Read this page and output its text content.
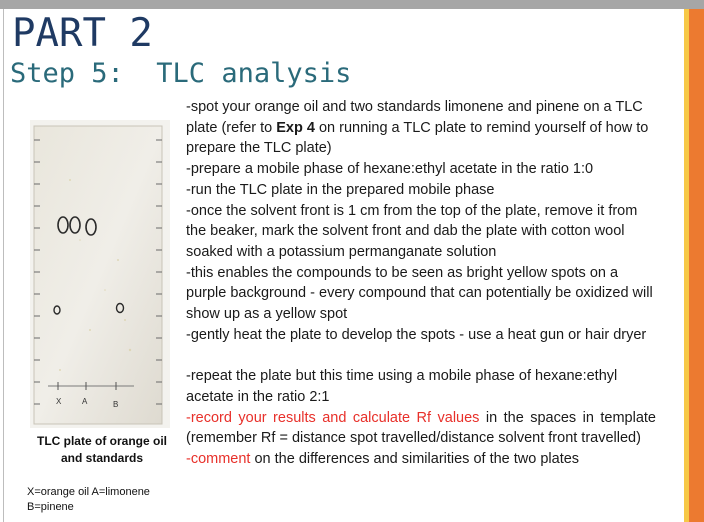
PART 2
Step 5:  TLC analysis
X	A	B
TLC plate of orange oil
and standards
X=orange oil A=limonene
B=pinene

-spot your orange oil and two standards limonene and pinene on a TLC plate (refer to Exp 4 on running a TLC plate to remind yourself of how to prepare the TLC plate)

-prepare a mobile phase of hexane:ethyl acetate in the ratio 1:0

-run the TLC plate in the prepared mobile phase

-once the solvent front is 1 cm from the top of the plate, remove it from the beaker, mark the solvent front and dab the plate with cotton wool soaked with a potassium permanganate solution

-this enables the compounds to be seen as bright yellow spots on a purple background - every compound that can potentially be oxidized will show up as a yellow spot

-gently heat the plate to develop the spots - use a heat gun or hair dryer

-repeat the plate but this time using a mobile phase of hexane:ethyl acetate in the ratio 2:1

-record your results and calculate Rf values in the spaces in template (remember Rf = distance spot travelled/distance solvent front travelled)

-comment on the differences and similarities of the two plates
